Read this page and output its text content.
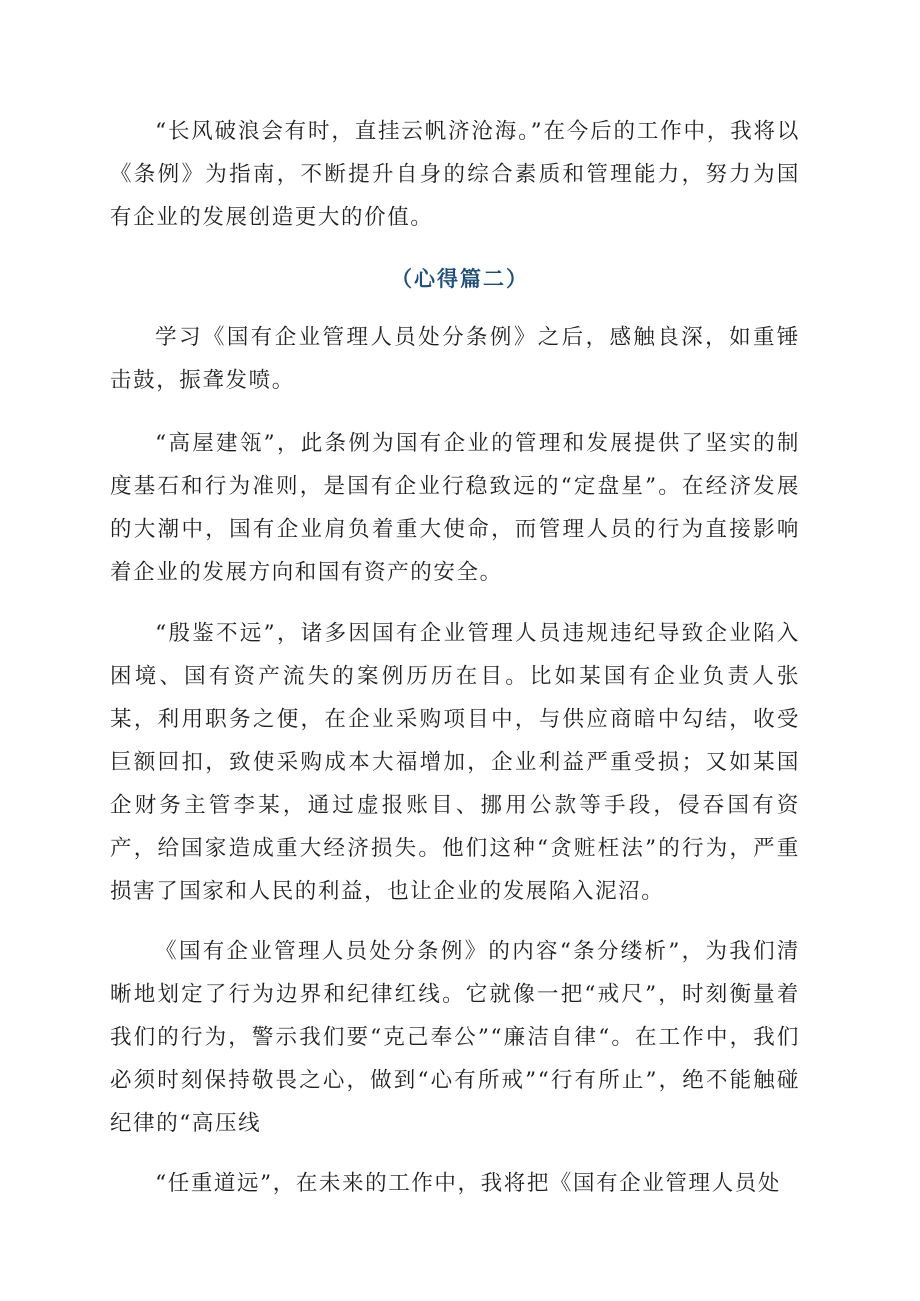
“长风破浪会有时，直挂云帆济沧海。”在今后的工作中，我将以《条例》为指南，不断提升自身的综合素质和管理能力，努力为国有企业的发展创造更大的价值。

（心得篇二）

学习《国有企业管理人员处分条例》之后，感触良深，如重锤击鼓，振聋发喷。

“高屋建瓴”，此条例为国有企业的管理和发展提供了坚实的制度基石和行为准则，是国有企业行稳致远的“定盘星”。在经济发展的大潮中，国有企业肩负着重大使命，而管理人员的行为直接影响着企业的发展方向和国有资产的安全。

“殷鉴不远”，诸多因国有企业管理人员违规违纪导致企业陷入困境、国有资产流失的案例历历在目。比如某国有企业负责人张某，利用职务之便，在企业采购项目中，与供应商暗中勾结，收受巨额回扣，致使采购成本大福增加，企业利益严重受损；又如某国企财务主管李某，通过虚报账目、挪用公款等手段，侵吞国有资产，给国家造成重大经济损失。他们这种“贪赃枉法”的行为，严重损害了国家和人民的利益，也让企业的发展陷入泥沼。

《国有企业管理人员处分条例》的内容“条分缕析”，为我们清晰地划定了行为边界和纪律红线。它就像一把“戒尺”，时刻衡量着我们的行为，警示我们要“克己奉公”“廉洁自律“。在工作中，我们必须时刻保持敬畏之心，做到“心有所戒”“行有所止”，绝不能触碰纪律的“高压线

“任重道远”，在未来的工作中，我将把《国有企业管理人员处
